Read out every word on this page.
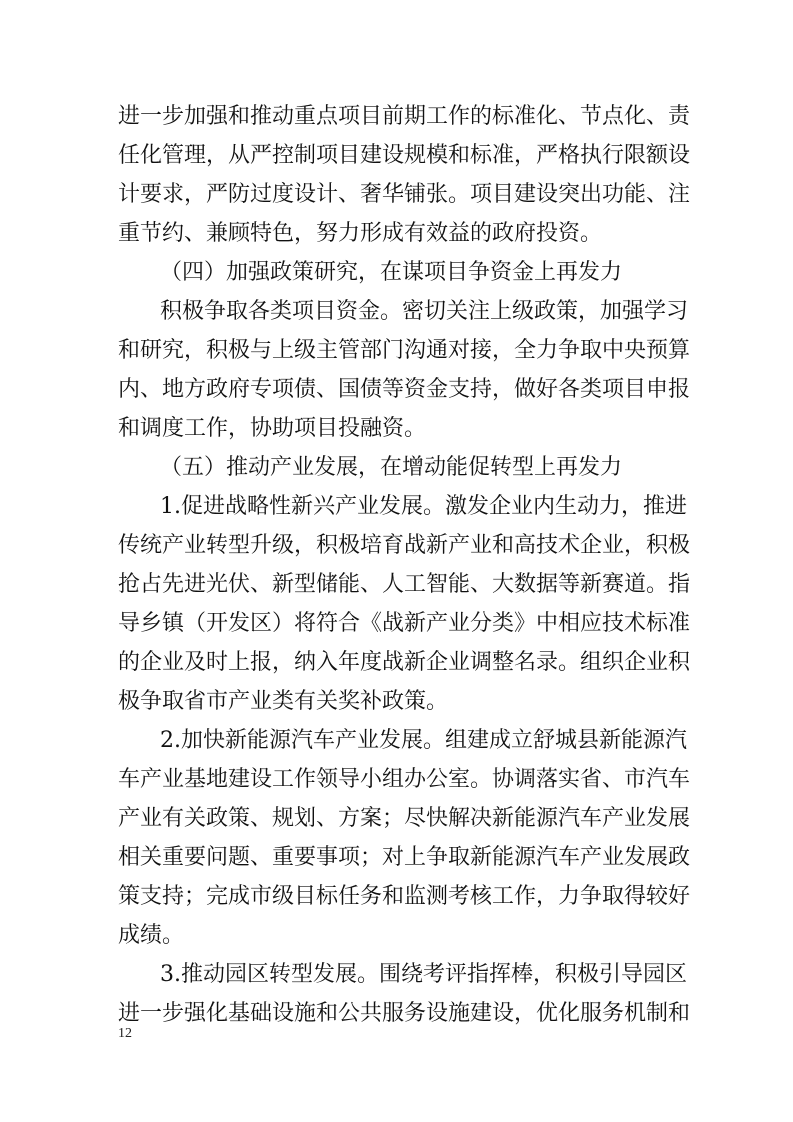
进一步加强和推动重点项目前期工作的标准化、节点化、责
任化管理，从严控制项目建设规模和标准，严格执行限额设
计要求，严防过度设计、奢华铺张。项目建设突出功能、注
重节约、兼顾特色，努力形成有效益的政府投资。
（四）加强政策研究，在谋项目争资金上再发力
积极争取各类项目资金。密切关注上级政策，加强学习
和研究，积极与上级主管部门沟通对接，全力争取中央预算
内、地方政府专项债、国债等资金支持，做好各类项目申报
和调度工作，协助项目投融资。
（五）推动产业发展，在增动能促转型上再发力
1.促进战略性新兴产业发展。激发企业内生动力，推进
传统产业转型升级，积极培育战新产业和高技术企业，积极
抢占先进光伏、新型储能、人工智能、大数据等新赛道。指
导乡镇（开发区）将符合《战新产业分类》中相应技术标准
的企业及时上报，纳入年度战新企业调整名录。组织企业积
极争取省市产业类有关奖补政策。
2.加快新能源汽车产业发展。组建成立舒城县新能源汽
车产业基地建设工作领导小组办公室。协调落实省、市汽车
产业有关政策、规划、方案；尽快解决新能源汽车产业发展
相关重要问题、重要事项；对上争取新能源汽车产业发展政
策支持；完成市级目标任务和监测考核工作，力争取得较好
成绩。
3.推动园区转型发展。围绕考评指挥棒，积极引导园区
进一步强化基础设施和公共服务设施建设，优化服务机制和
12
